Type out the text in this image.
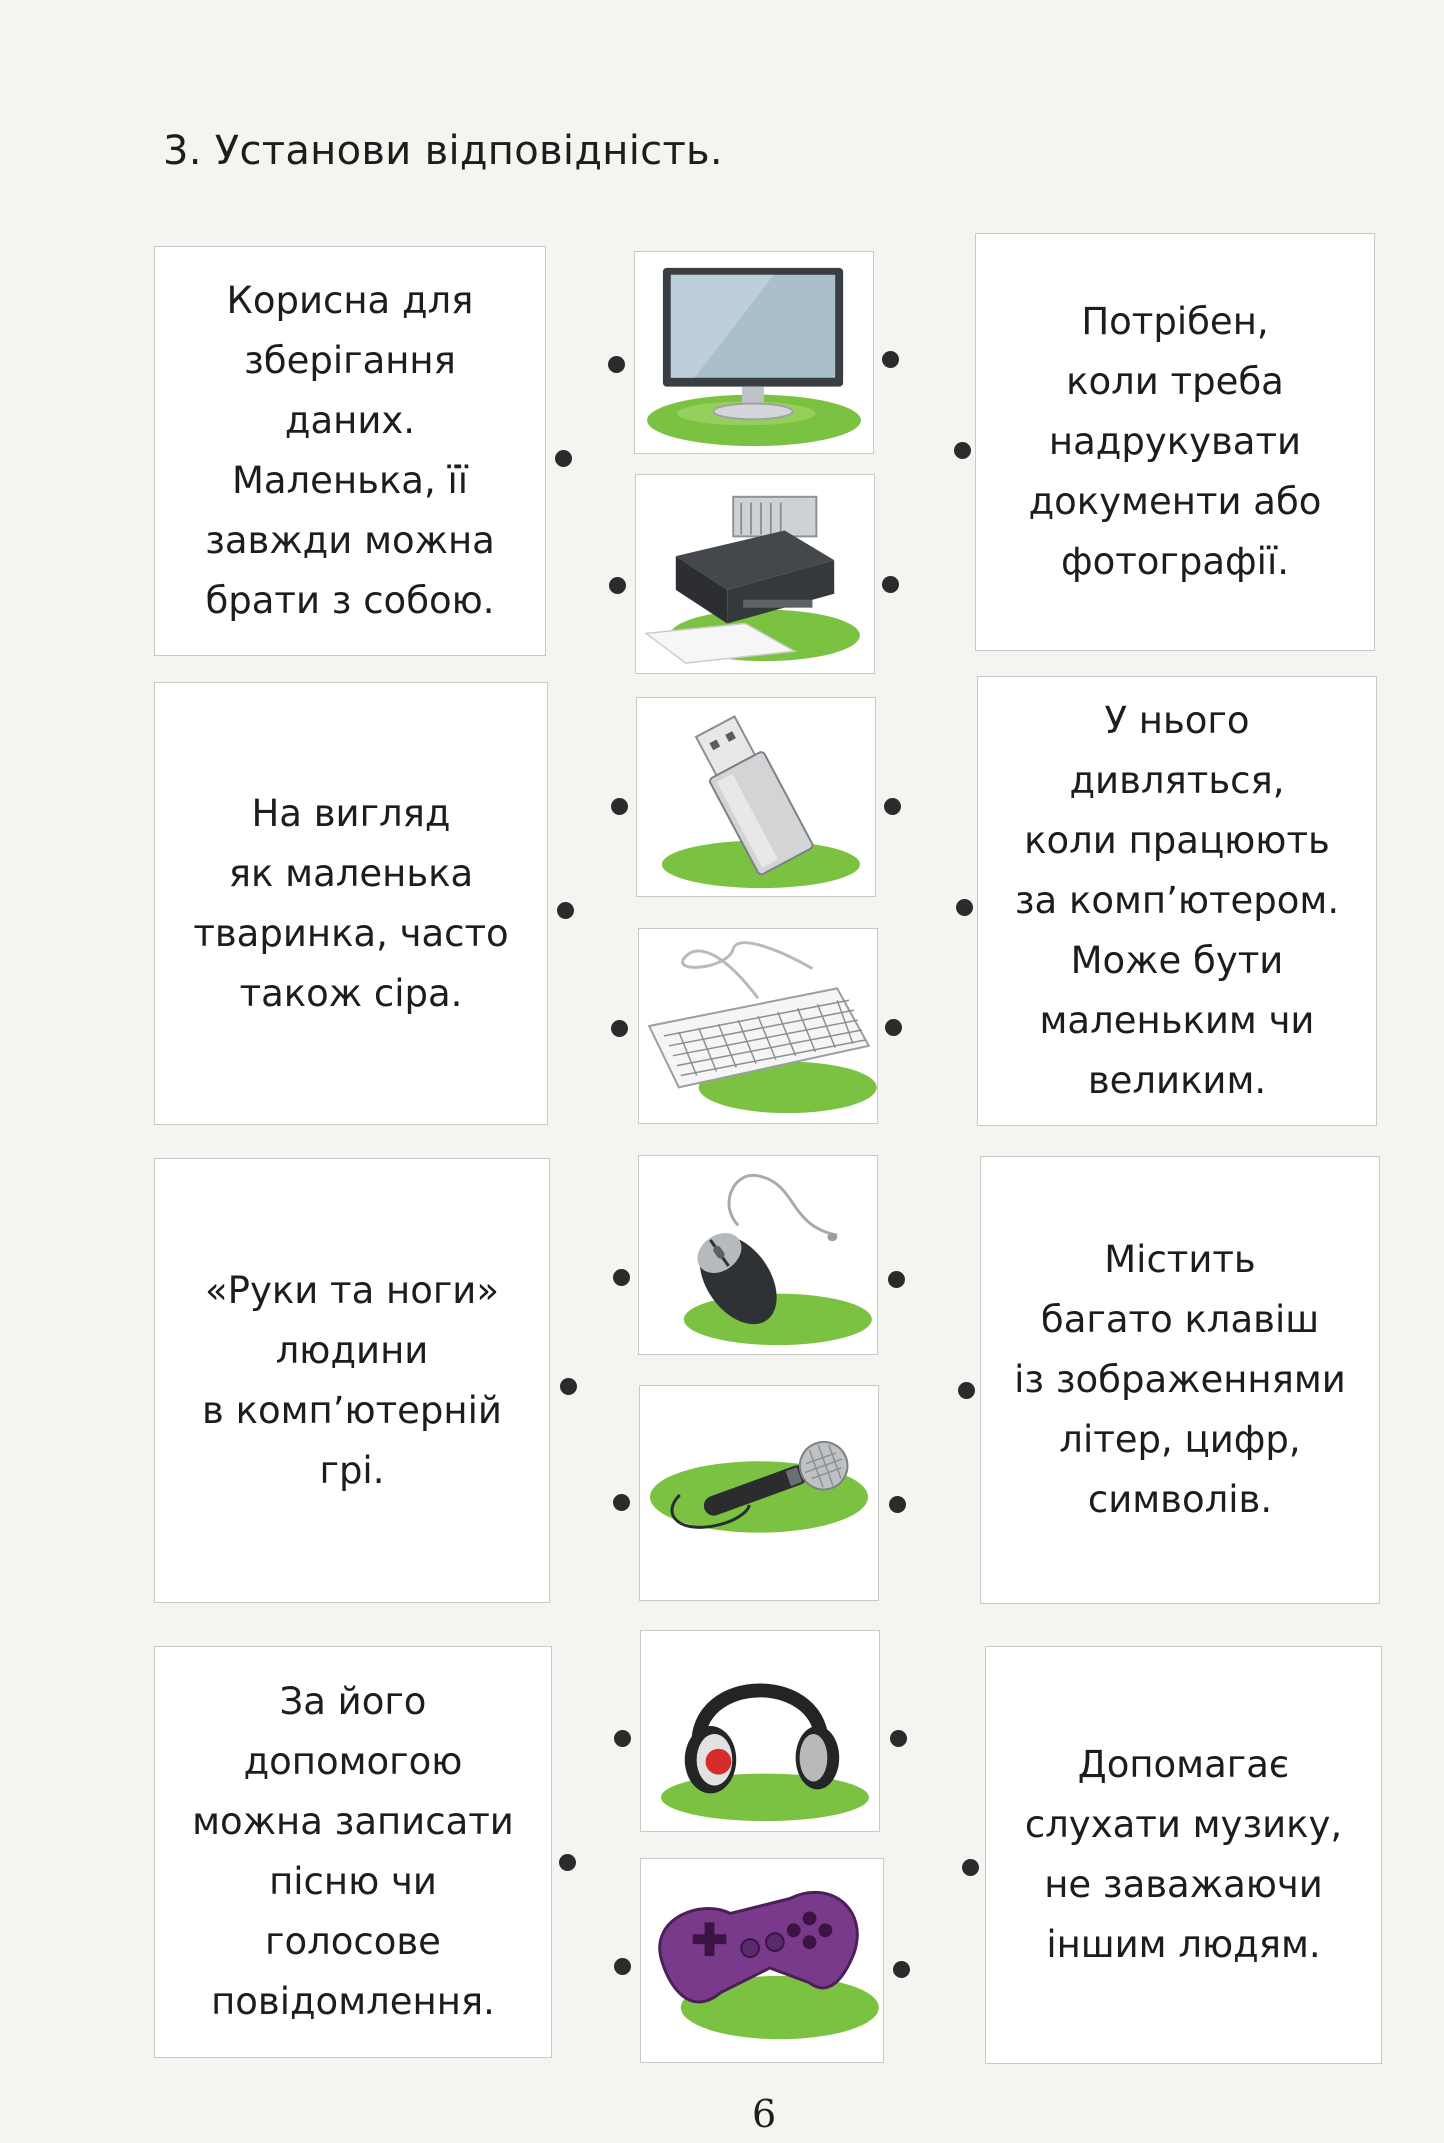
3. Установи відповідність.
Корисна для
зберігання
даних.
Маленька, її
завжди можна
брати з собою.
На вигляд
як маленька
тваринка, часто
також сіра.
«Руки та ноги»
людини
в комп’ютерній
грі.
За його
допомогою
можна записати
пісню чи
голосове
повідомлення.
Потрібен,
коли треба
надрукувати
документи або
фотографії.
У нього
дивляться,
коли працюють
за комп’ютером.
Може бути
маленьким чи
великим.
Містить
багато клавіш
із зображеннями
літер, цифр,
символів.
Допомагає
слухати музику,
не заважаючи
іншим людям.
6
